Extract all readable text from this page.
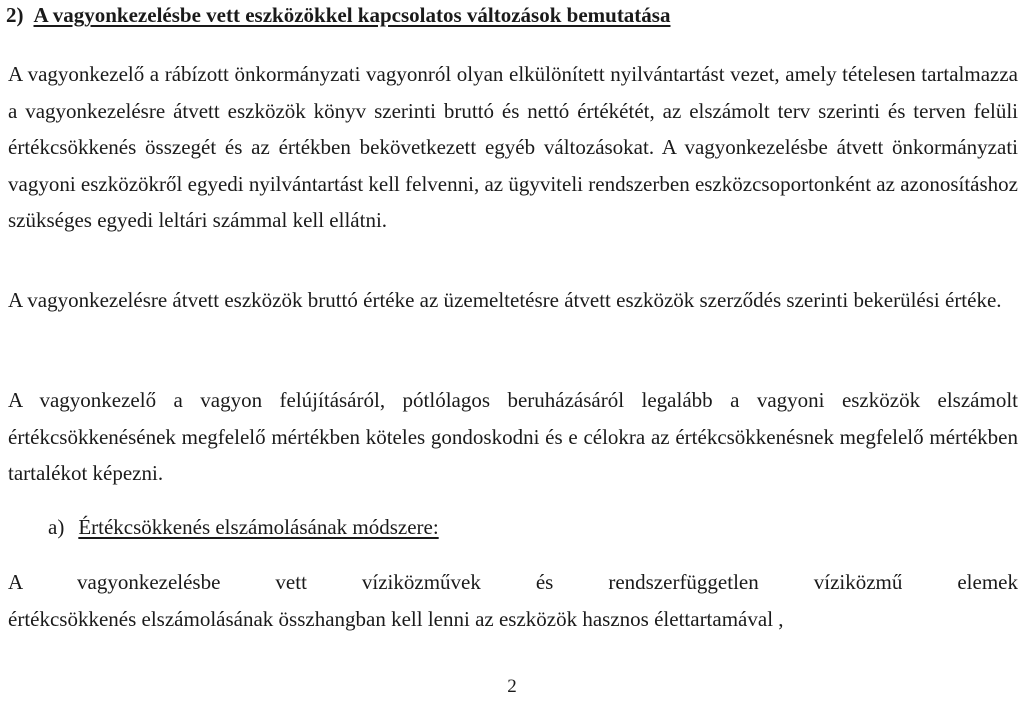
2) A vagyonkezelésbe vett eszközökkel kapcsolatos változások bemutatása

A vagyonkezelő a rábízott önkormányzati vagyonról olyan elkülönített nyilvántartást vezet, amely tételesen tartalmazza a vagyonkezelésre átvett eszközök könyv szerinti bruttó és nettó értékétét, az elszámolt terv szerinti és terven felüli értékcsökkenés összegét és az értékben bekövetkezett egyéb változásokat. A vagyonkezelésbe átvett önkormányzati vagyoni eszközökről egyedi nyilvántartást kell felvenni, az ügyviteli rendszerben eszközcsoportonként az azonosításhoz szükséges egyedi leltári számmal kell ellátni.

A vagyonkezelésre átvett eszközök bruttó értéke az üzemeltetésre átvett eszközök szerződés szerinti bekerülési értéke.

A vagyonkezelő a vagyon felújításáról, pótlólagos beruházásáról legalább a vagyoni eszközök elszámolt értékcsökkenésének megfelelő mértékben köteles gondoskodni és e célokra az értékcsökkenésnek megfelelő mértékben tartalékot képezni.

a) Értékcsökkenés elszámolásának módszere:

A vagyonkezelésbe vett víziközművek és rendszerfüggetlen víziközmű elemek
értékcsökkenés elszámolásának összhangban kell lenni az eszközök hasznos élettartamával ,

2
